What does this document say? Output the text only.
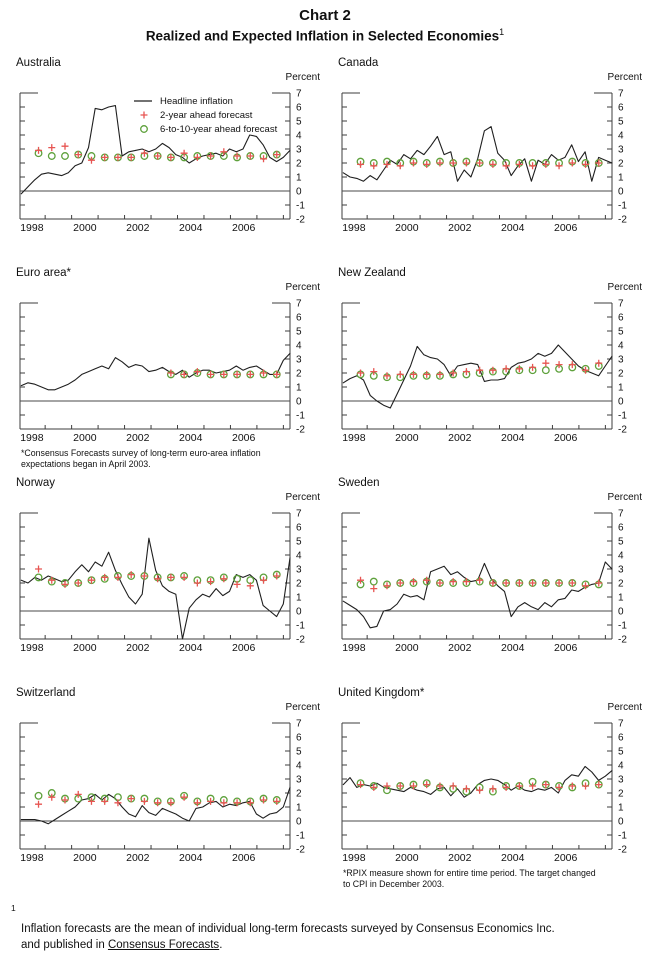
Chart 2
Realized and Expected Inflation in Selected Economies$^1$
Australia
Percent
7
6
5
4
3
2
1
0
-1
-2
1998	2000	2002	2004	2006
Headline inflation
2-year ahead forecast
6-to-10-year ahead forecast
Canada
Percent
7
6
5
4
3
2
1
0
-1
-2
1998	2000	2002	2004	2006
Euro area*
Percent
7
6
5
4
3
2
1
0
-1
-2
1998	2000	2002	2004	2006
*Consensus Forecasts survey of long-term euro-area inflation
expectations began in April 2003.
New Zealand
Percent
7
6
5
4
3
2
1
0
-1
-2
1998	2000	2002	2004	2006
Norway
Percent
7
6
5
4
3
2
1
0
-1
-2
1998	2000	2002	2004	2006
Sweden
Percent
7
6
5
4
3
2
1
0
-1
-2
1998	2000	2002	2004	2006
Switzerland
Percent
7
6
5
4
3
2
1
0
-1
-2
1998	2000	2002	2004	2006
United Kingdom*
Percent
7
6
5
4
3
2
1
0
-1
-2
1998	2000	2002	2004	2006
*RPIX measure shown for entire time period. The target changed
to CPI in December 2003.

1
Inflation forecasts are the mean of individual long-term forecasts surveyed by Consensus Economics Inc.
and published in Consensus Forecasts.
